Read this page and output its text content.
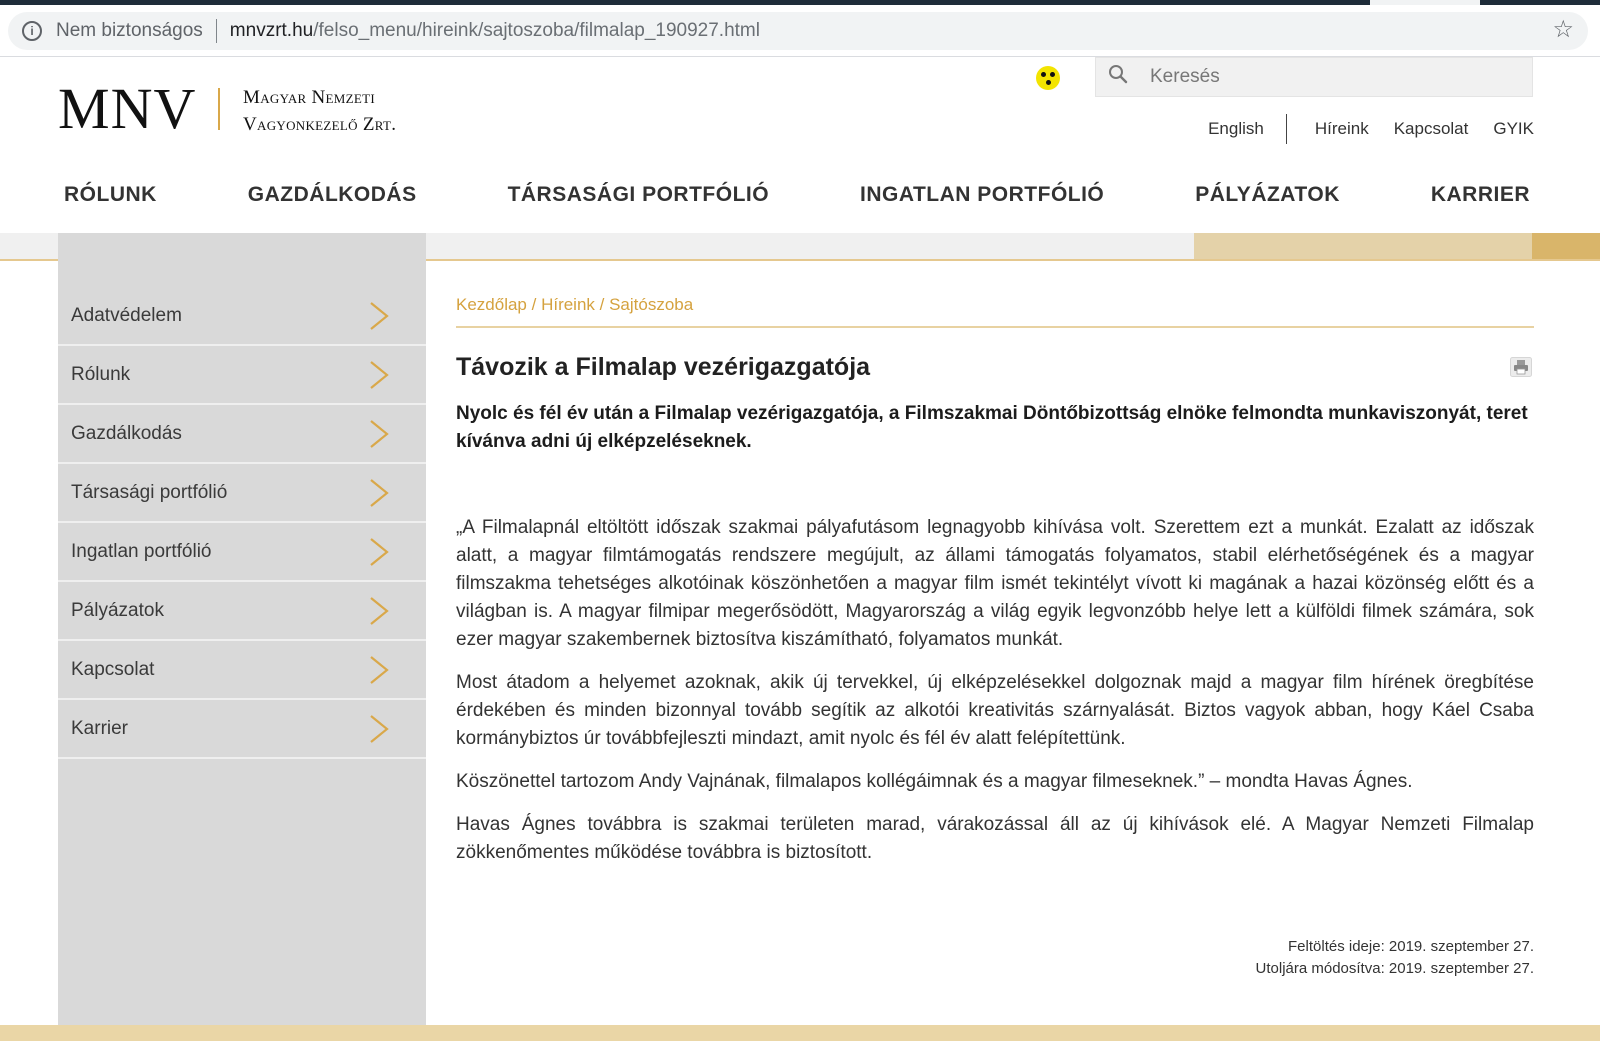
i	Nem biztonságos mnvzrt.hu /felso_menu/hireink/sajtoszoba/filmalap_190927.html	☆
MNV Magyar Nemzeti
Vagyonkezelő Zrt.
Keresés	English	Híreink Kapcsolat GYIK
RÓLUNK	GAZDÁLKODÁS	TÁRSASÁGI PORTFÓLIÓ	INGATLAN PORTFÓLIÓ	PÁLYÁZATOK	KARRIER
Adatvédelem
Rólunk
Gazdálkodás
Társasági portfólió
Ingatlan portfólió
Pályázatok
Kapcsolat
Karrier
Kezdőlap / Híreink / Sajtószoba
Távozik a Filmalap vezérigazgatója

Nyolc és fél év után a Filmalap vezérigazgatója, a Filmszakmai Döntőbizottság elnöke felmondta munkaviszonyát, teret kívánva adni új elképzeléseknek.

„A Filmalapnál eltöltött időszak szakmai pályafutásom legnagyobb kihívása volt. Szerettem ezt a munkát. Ezalatt az időszak alatt, a magyar filmtámogatás rendszere megújult, az állami támogatás folyamatos, stabil elérhetőségének és a magyar filmszakma tehetséges alkotóinak köszönhetően a magyar film ismét tekintélyt vívott ki magának a hazai közönség előtt és a világban is. A magyar filmipar megerősödött, Magyarország a világ egyik legvonzóbb helye lett a külföldi filmek számára, sok ezer magyar szakembernek biztosítva kiszámítható, folyamatos munkát.

Most átadom a helyemet azoknak, akik új tervekkel, új elképzelésekkel dolgoznak majd a magyar film hírének öregbítése érdekében és minden bizonnyal tovább segítik az alkotói kreativitás szárnyalását. Biztos vagyok abban, hogy Káel Csaba kormánybiztos úr továbbfejleszti mindazt, amit nyolc és fél év alatt felépítettünk.

Köszönettel tartozom Andy Vajnának, filmalapos kollégáimnak és a magyar filmeseknek.” – mondta Havas Ágnes.

Havas Ágnes továbbra is szakmai területen marad, várakozással áll az új kihívások elé. A Magyar Nemzeti Filmalap zökkenőmentes működése továbbra is biztosított.

Feltöltés ideje: 2019. szeptember 27.
Utoljára módosítva: 2019. szeptember 27.
